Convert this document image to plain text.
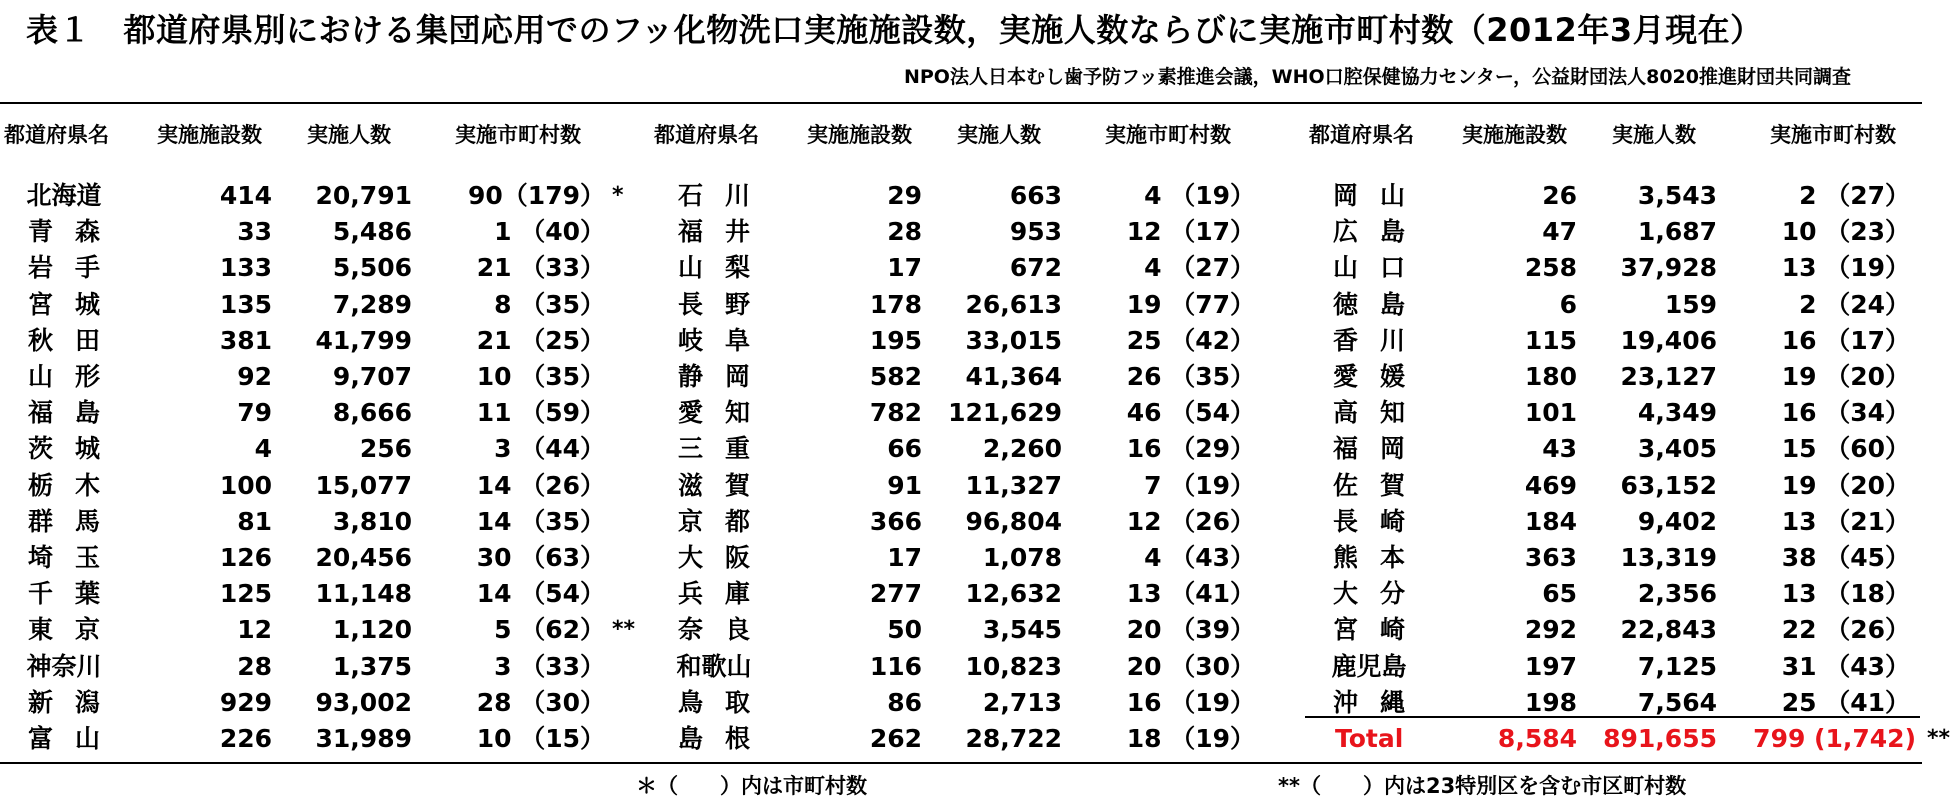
表１　都道府県別における集団応用でのフッ化物洗口実施施設数，実施人数ならびに実施市町村数（2012年3月現在）
NPO法人日本むし歯予防フッ素推進会議，WHO口腔保健協力センター，公益財団法人8020推進財団共同調査
都道府県名	実施施設数	実施人数	実施市町村数
北海道	414	20,791	90（179） *
青森	33	5,486	1 （40）
岩手	133	5,506	21 （33）
宮城	135	7,289	8 （35）
秋田	381	41,799	21 （25）
山形	92	9,707	10 （35）
福島	79	8,666	11 （59）
茨城	4	256	3 （44）
栃木	100	15,077	14 （26）
群馬	81	3,810	14 （35）
埼玉	126	20,456	30 （63）
千葉	125	11,148	14 （54）
東京	12	1,120	5 （62） **
神奈川	28	1,375	3 （33）
新潟	929	93,002	28 （30）
富山	226	31,989	10 （15）
都道府県名	実施施設数	実施人数	実施市町村数
石川	29	663	4 （19）
福井	28	953	12 （17）
山梨	17	672	4 （27）
長野	178	26,613	19 （77）
岐阜	195	33,015	25 （42）
静岡	582	41,364	26 （35）
愛知	782	121,629	46 （54）
三重	66	2,260	16 （29）
滋賀	91	11,327	7 （19）
京都	366	96,804	12 （26）
大阪	17	1,078	4 （43）
兵庫	277	12,632	13 （41）
奈良	50	3,545	20 （39）
和歌山	116	10,823	20 （30）
鳥取	86	2,713	16 （19）
島根	262	28,722	18 （19）
都道府県名	実施施設数	実施人数	実施市町村数
岡山	26	3,543	2 （27）
広島	47	1,687	10 （23）
山口	258	37,928	13 （19）
徳島	6	159	2 （24）
香川	115	19,406	16 （17）
愛媛	180	23,127	19 （20）
高知	101	4,349	16 （34）
福岡	43	3,405	15 （60）
佐賀	469	63,152	19 （20）
長崎	184	9,402	13 （21）
熊本	363	13,319	38 （45）
大分	65	2,356	13 （18）
宮崎	292	22,843	22 （26）
鹿児島	197	7,125	31 （43）
沖縄	198	7,564	25 （41）
Total	8,584	891,655	799 (1,742) **
＊（　　）内は市町村数	**（　　）内は23特別区を含む市区町村数
